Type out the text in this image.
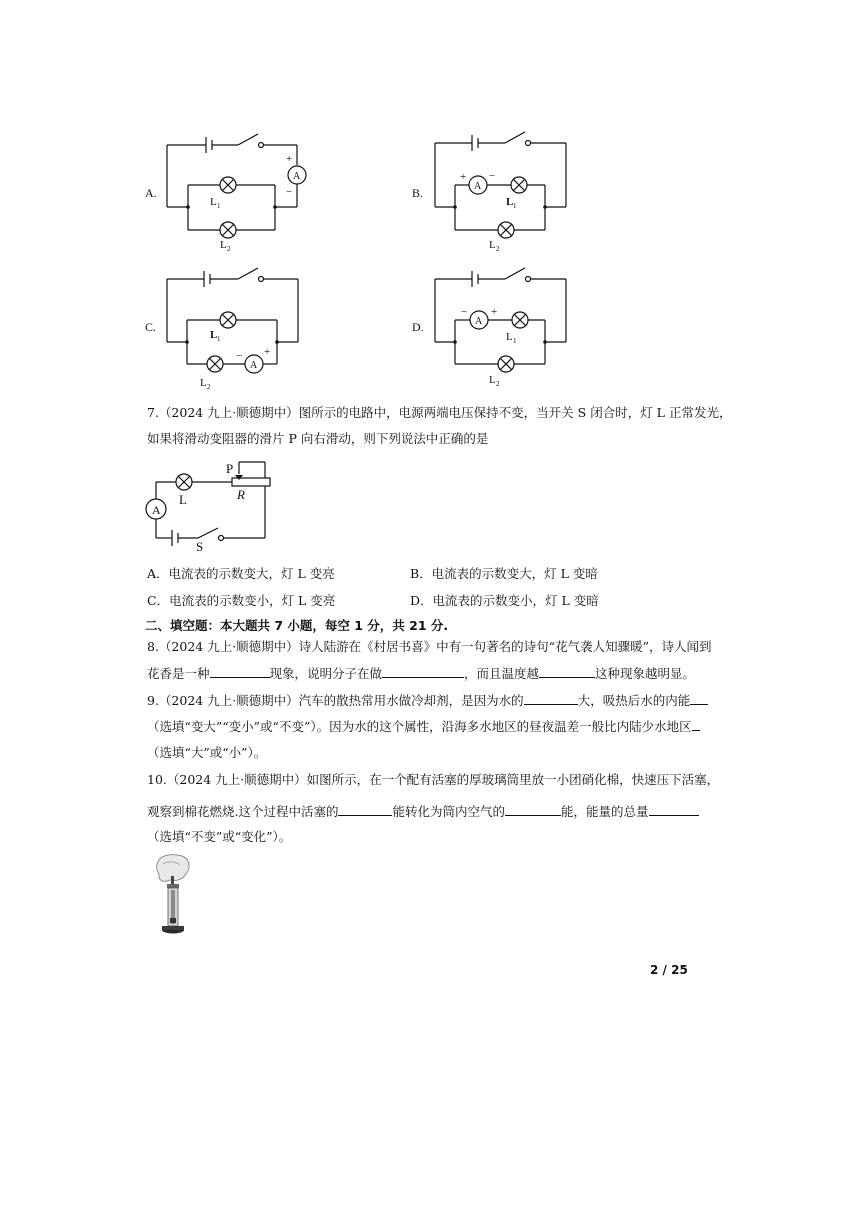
A.
+
−
A
L 1
L 2
B.
+ −
A
L 1
L 2
C.
− +
A
L 1
L 2
D.
− +
A
L 1
L 2
7.（2024 九上·顺德期中）图所示的电路中，电源两端电压保持不变，当开关 S 闭合时，灯 L 正常发光，
如果将滑动变阻器的滑片 P 向右滑动，则下列说法中正确的是
A
L
P
R
S
A．电流表的示数变大，灯 L 变亮	B．电流表的示数变大，灯 L 变暗
C．电流表的示数变小，灯 L 变亮	D．电流表的示数变小，灯 L 变暗
二、填空题：本大题共 7 小题，每空 1 分，共 21 分.
8.（2024 九上·顺德期中）诗人陆游在《村居书喜》中有一句著名的诗句“花气袭人知骤暖”，诗人闻到
花香是一种	现象，说明分子在做	，而且温度越	这种现象越明显。
9.（2024 九上·顺德期中）汽车的散热常用水做冷却剂，是因为水的	大，吸热后水的内能
（选填“变大”“变小”或“不变”）。因为水的这个属性，沿海多水地区的昼夜温差一般比内陆少水地区
（选填“大”或“小”）。
10.（2024 九上·顺德期中）如图所示，在一个配有活塞的厚玻璃筒里放一小团硝化棉，快速压下活塞，
观察到棉花燃烧.这个过程中活塞的	能转化为筒内空气的	能，能量的总量
（选填“不变”或“变化”）。
2 / 25
